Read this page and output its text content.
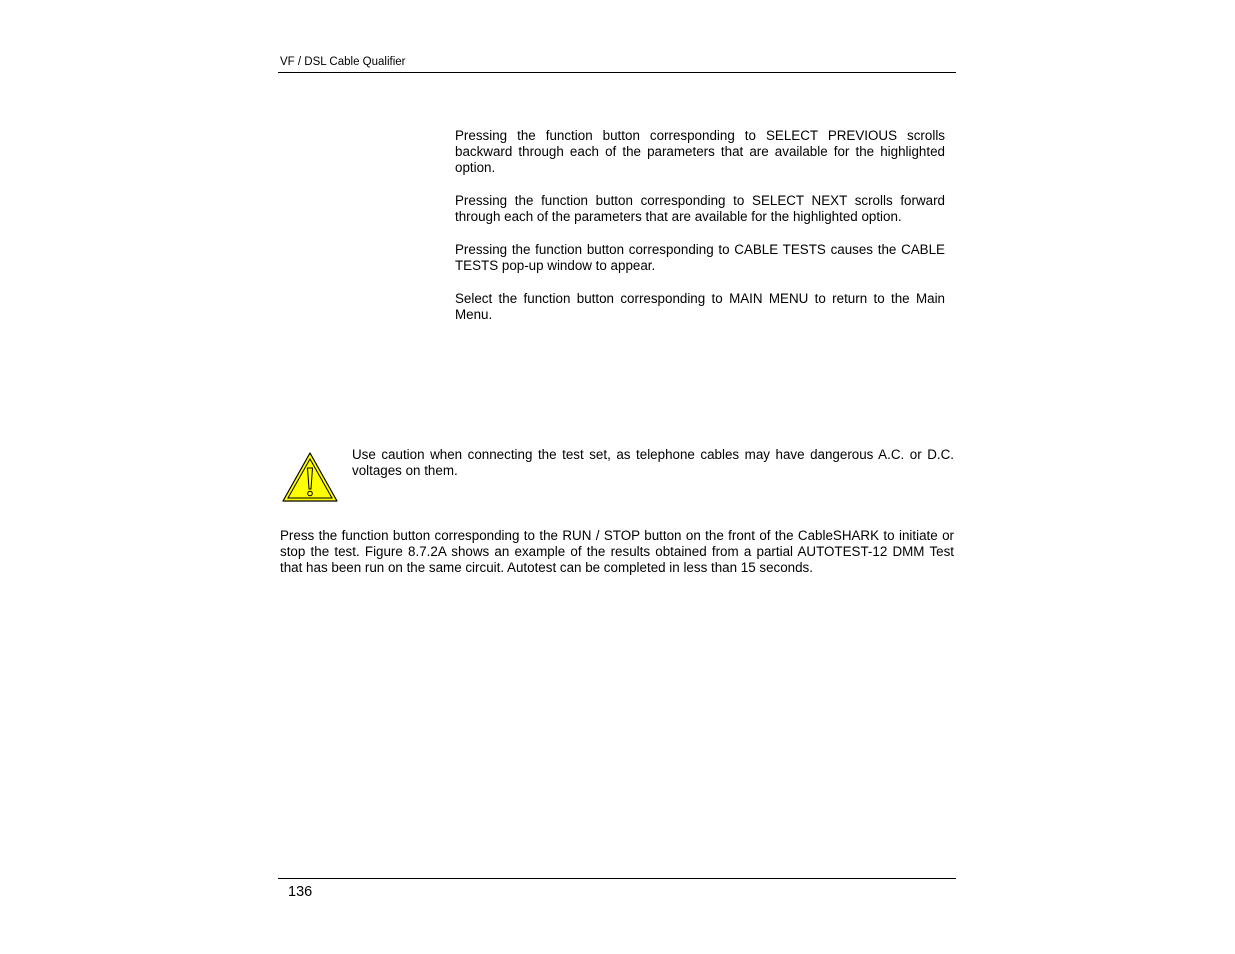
VF / DSL Cable Qualifier

Pressing the function button corresponding to SELECT PREVIOUS scrolls backward through each of the parameters that are available for the highlighted option.

Pressing the function button corresponding to SELECT NEXT scrolls forward through each of the parameters that are available for the highlighted option.

Pressing the function button corresponding to CABLE TESTS causes the CABLE TESTS pop-up window to appear.

Select the function button corresponding to MAIN MENU to return to the Main Menu.

Use caution when connecting the test set, as telephone cables may have dangerous A.C. or D.C. voltages on them.

Press the function button corresponding to the RUN / STOP button on the front of the CableSHARK to initiate or stop the test. Figure 8.7.2A shows an example of the results obtained from a partial AUTOTEST-12 DMM Test that has been run on the same circuit. Autotest can be completed in less than 15 seconds.

136
